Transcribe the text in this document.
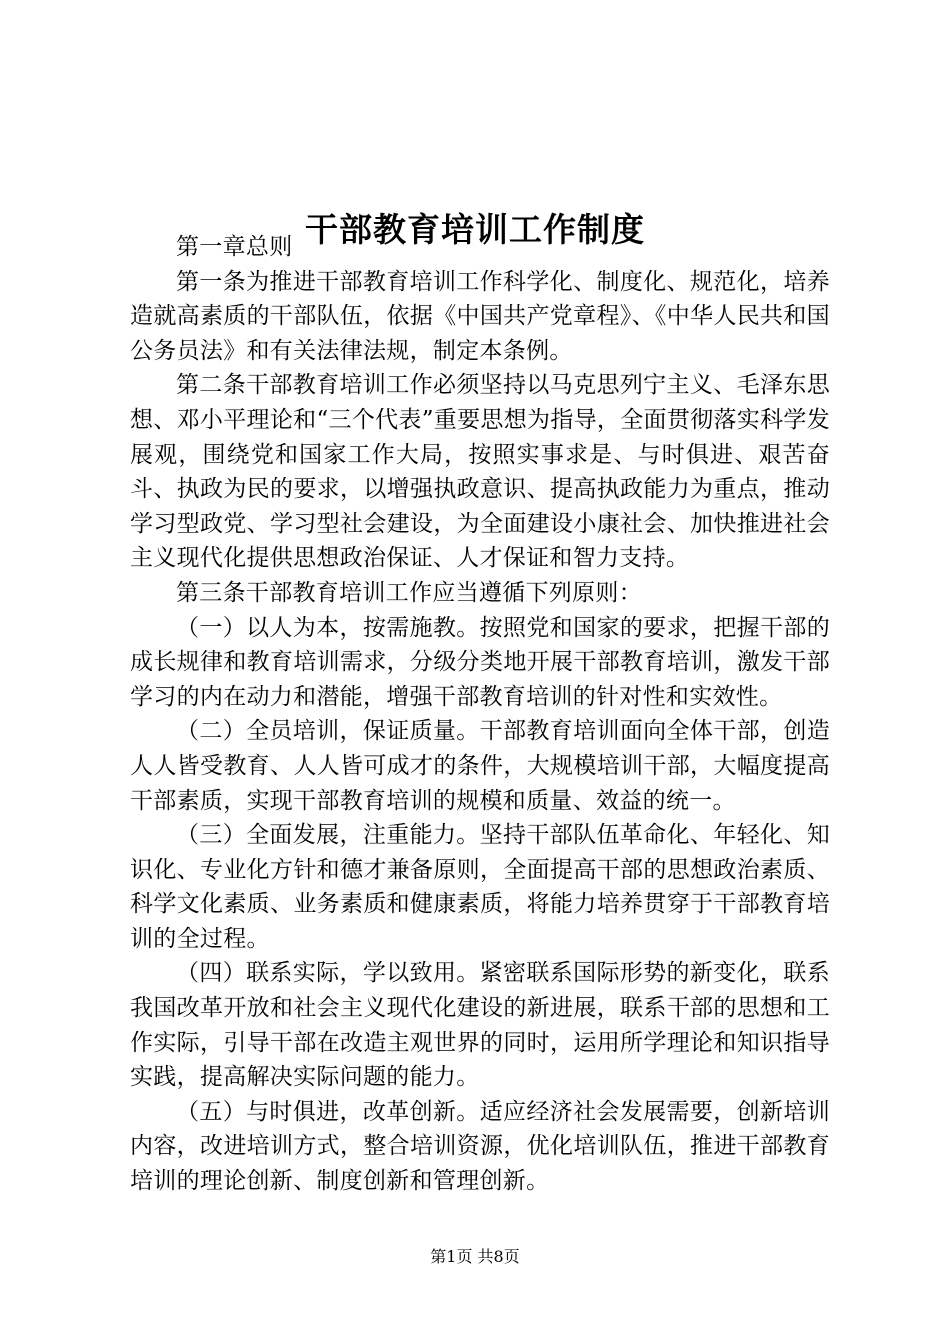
干部教育培训工作制度

第一章总则

第一条为推进干部教育培训工作科学化、制度化、规范化，培养造就高素质的干部队伍，依据《中国共产党章程》、《中华人民共和国公务员法》和有关法律法规，制定本条例。

第二条干部教育培训工作必须坚持以马克思列宁主义、毛泽东思想、邓小平理论和“三个代表”重要思想为指导，全面贯彻落实科学发展观，围绕党和国家工作大局，按照实事求是、与时俱进、艰苦奋斗、执政为民的要求，以增强执政意识、提高执政能力为重点，推动学习型政党、学习型社会建设，为全面建设小康社会、加快推进社会主义现代化提供思想政治保证、人才保证和智力支持。

第三条干部教育培训工作应当遵循下列原则：

（一）以人为本，按需施教。按照党和国家的要求，把握干部的成长规律和教育培训需求，分级分类地开展干部教育培训，激发干部学习的内在动力和潜能，增强干部教育培训的针对性和实效性。

（二）全员培训，保证质量。干部教育培训面向全体干部，创造人人皆受教育、人人皆可成才的条件，大规模培训干部，大幅度提高干部素质，实现干部教育培训的规模和质量、效益的统一。

（三）全面发展，注重能力。坚持干部队伍革命化、年轻化、知识化、专业化方针和德才兼备原则，全面提高干部的思想政治素质、科学文化素质、业务素质和健康素质，将能力培养贯穿于干部教育培训的全过程。

（四）联系实际，学以致用。紧密联系国际形势的新变化，联系我国改革开放和社会主义现代化建设的新进展，联系干部的思想和工作实际，引导干部在改造主观世界的同时，运用所学理论和知识指导实践，提高解决实际问题的能力。

（五）与时俱进，改革创新。适应经济社会发展需要，创新培训内容，改进培训方式，整合培训资源，优化培训队伍，推进干部教育培训的理论创新、制度创新和管理创新。

第1页 共8页
